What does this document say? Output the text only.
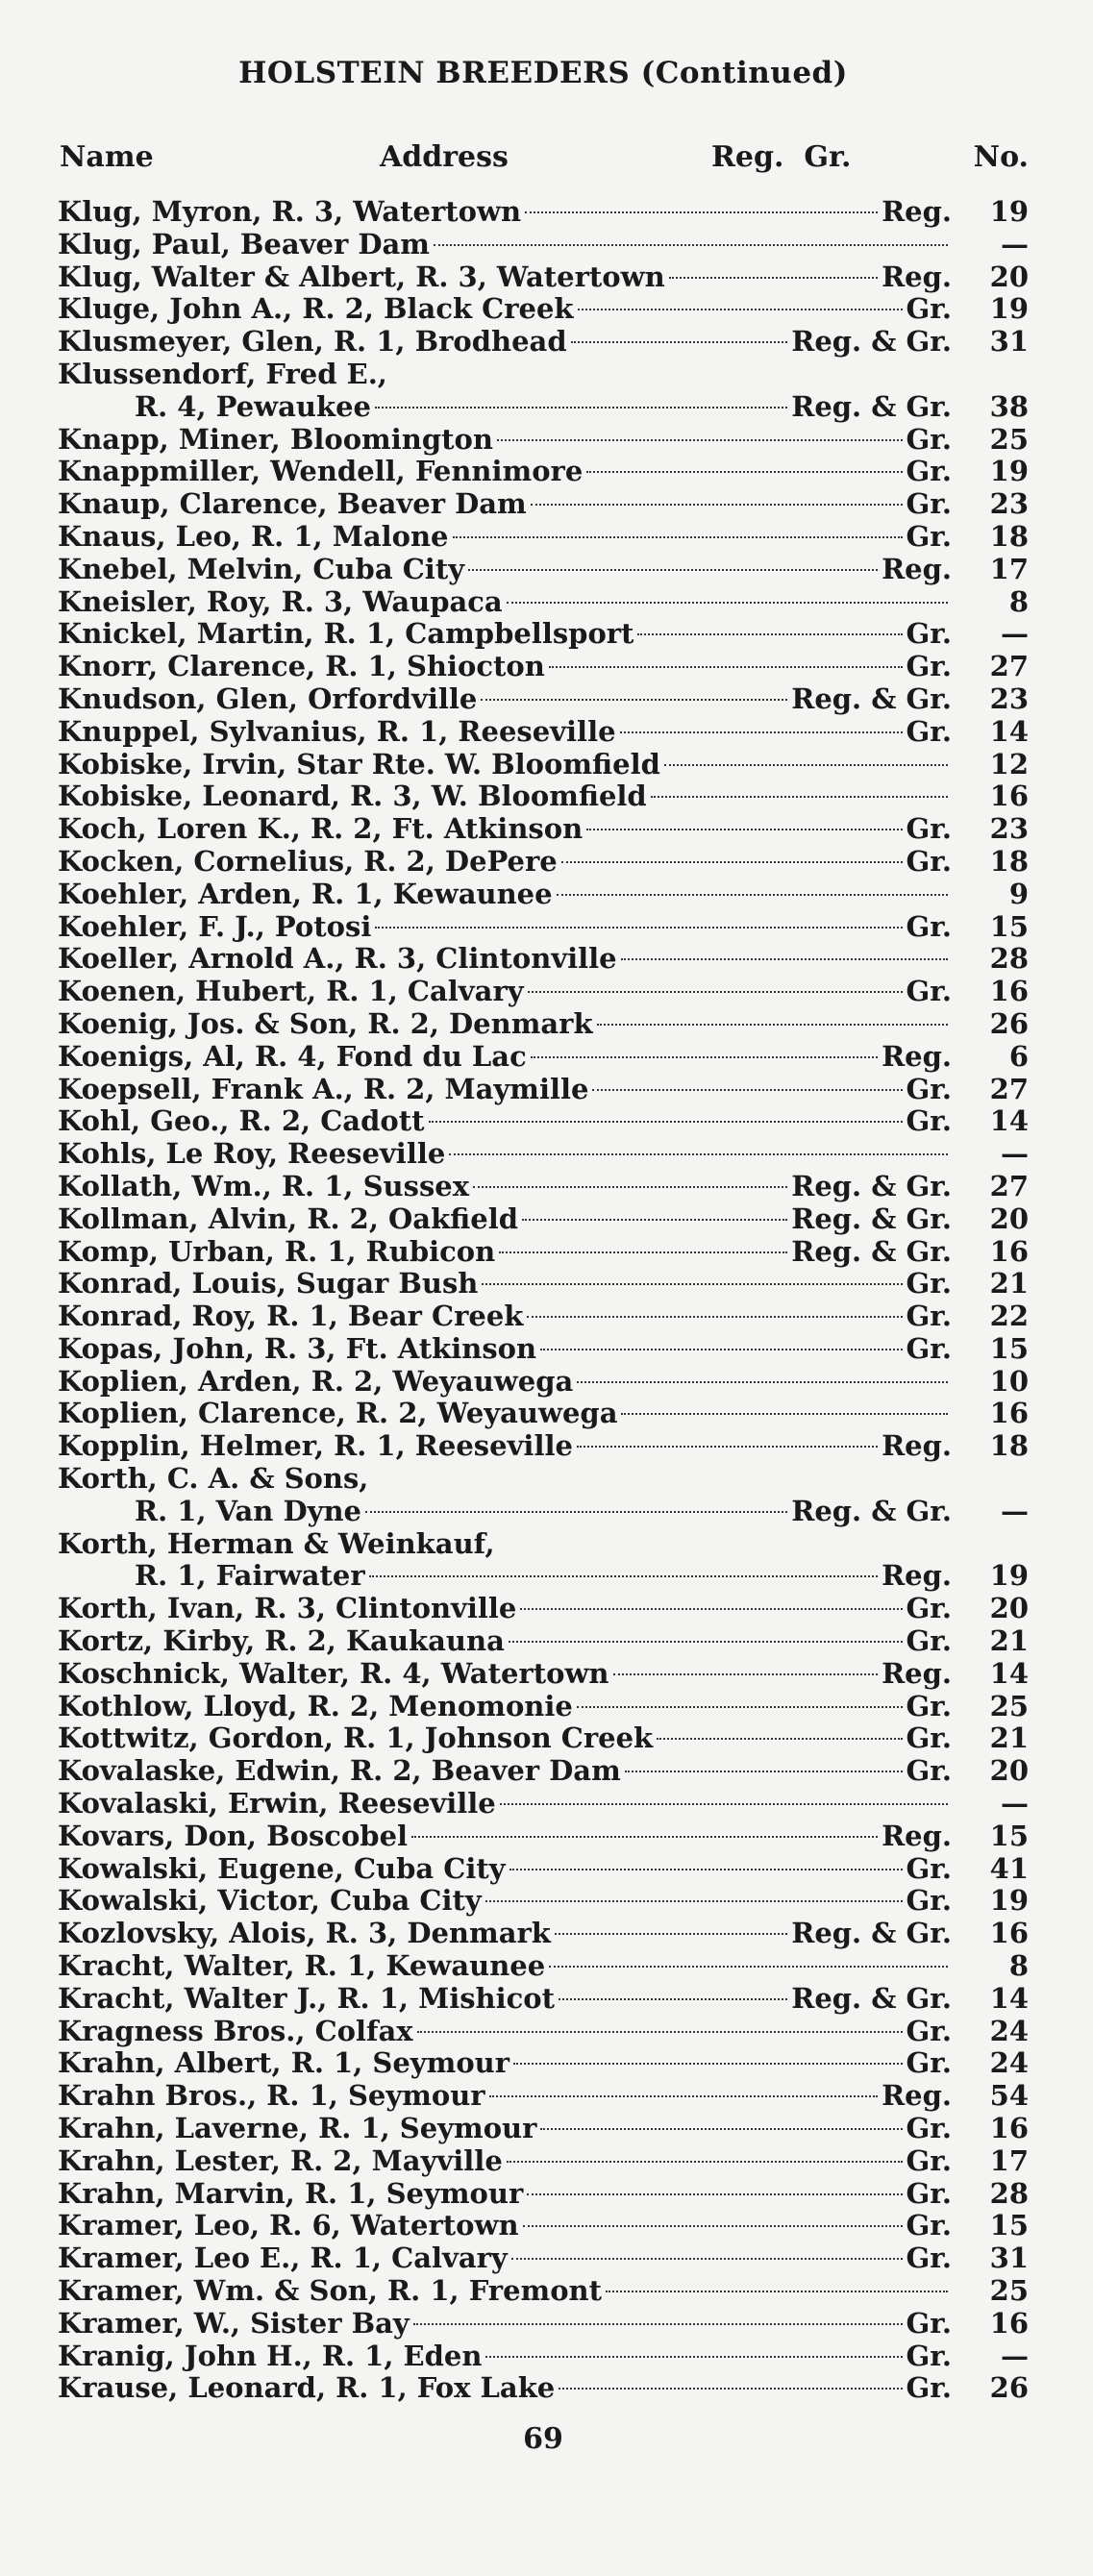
HOLSTEIN BREEDERS (Continued)
Name	Address	Reg.  Gr.	No.
Klug, Myron, R. 3, Watertown	Reg.	19
Klug, Paul, Beaver Dam	—
Klug, Walter & Albert, R. 3, Watertown	Reg.	20
Kluge, John A., R. 2, Black Creek	Gr.	19
Klusmeyer, Glen, R. 1, Brodhead	Reg. & Gr.	31
Klussendorf, Fred E.,
R. 4, Pewaukee	Reg. & Gr.	38
Knapp, Miner, Bloomington	Gr.	25
Knappmiller, Wendell, Fennimore	Gr.	19
Knaup, Clarence, Beaver Dam	Gr.	23
Knaus, Leo, R. 1, Malone	Gr.	18
Knebel, Melvin, Cuba City	Reg.	17
Kneisler, Roy, R. 3, Waupaca	8
Knickel, Martin, R. 1, Campbellsport	Gr.	—
Knorr, Clarence, R. 1, Shiocton	Gr.	27
Knudson, Glen, Orfordville	Reg. & Gr.	23
Knuppel, Sylvanius, R. 1, Reeseville	Gr.	14
Kobiske, Irvin, Star Rte. W. Bloomfield	12
Kobiske, Leonard, R. 3, W. Bloomfield	16
Koch, Loren K., R. 2, Ft. Atkinson	Gr.	23
Kocken, Cornelius, R. 2, DePere	Gr.	18
Koehler, Arden, R. 1, Kewaunee	9
Koehler, F. J., Potosi	Gr.	15
Koeller, Arnold A., R. 3, Clintonville	28
Koenen, Hubert, R. 1, Calvary	Gr.	16
Koenig, Jos. & Son, R. 2, Denmark	26
Koenigs, Al, R. 4, Fond du Lac	Reg.	6
Koepsell, Frank A., R. 2, Maymille	Gr.	27
Kohl, Geo., R. 2, Cadott	Gr.	14
Kohls, Le Roy, Reeseville	—
Kollath, Wm., R. 1, Sussex	Reg. & Gr.	27
Kollman, Alvin, R. 2, Oakfield	Reg. & Gr.	20
Komp, Urban, R. 1, Rubicon	Reg. & Gr.	16
Konrad, Louis, Sugar Bush	Gr.	21
Konrad, Roy, R. 1, Bear Creek	Gr.	22
Kopas, John, R. 3, Ft. Atkinson	Gr.	15
Koplien, Arden, R. 2, Weyauwega	10
Koplien, Clarence, R. 2, Weyauwega	16
Kopplin, Helmer, R. 1, Reeseville	Reg.	18
Korth, C. A. & Sons,
R. 1, Van Dyne	Reg. & Gr.	—
Korth, Herman & Weinkauf,
R. 1, Fairwater	Reg.	19
Korth, Ivan, R. 3, Clintonville	Gr.	20
Kortz, Kirby, R. 2, Kaukauna	Gr.	21
Koschnick, Walter, R. 4, Watertown	Reg.	14
Kothlow, Lloyd, R. 2, Menomonie	Gr.	25
Kottwitz, Gordon, R. 1, Johnson Creek	Gr.	21
Kovalaske, Edwin, R. 2, Beaver Dam	Gr.	20
Kovalaski, Erwin, Reeseville	—
Kovars, Don, Boscobel	Reg.	15
Kowalski, Eugene, Cuba City	Gr.	41
Kowalski, Victor, Cuba City	Gr.	19
Kozlovsky, Alois, R. 3, Denmark	Reg. & Gr.	16
Kracht, Walter, R. 1, Kewaunee	8
Kracht, Walter J., R. 1, Mishicot	Reg. & Gr.	14
Kragness Bros., Colfax	Gr.	24
Krahn, Albert, R. 1, Seymour	Gr.	24
Krahn Bros., R. 1, Seymour	Reg.	54
Krahn, Laverne, R. 1, Seymour	Gr.	16
Krahn, Lester, R. 2, Mayville	Gr.	17
Krahn, Marvin, R. 1, Seymour	Gr.	28
Kramer, Leo, R. 6, Watertown	Gr.	15
Kramer, Leo E., R. 1, Calvary	Gr.	31
Kramer, Wm. & Son, R. 1, Fremont	25
Kramer, W., Sister Bay	Gr.	16
Kranig, John H., R. 1, Eden	Gr.	—
Krause, Leonard, R. 1, Fox Lake	Gr.	26
69
